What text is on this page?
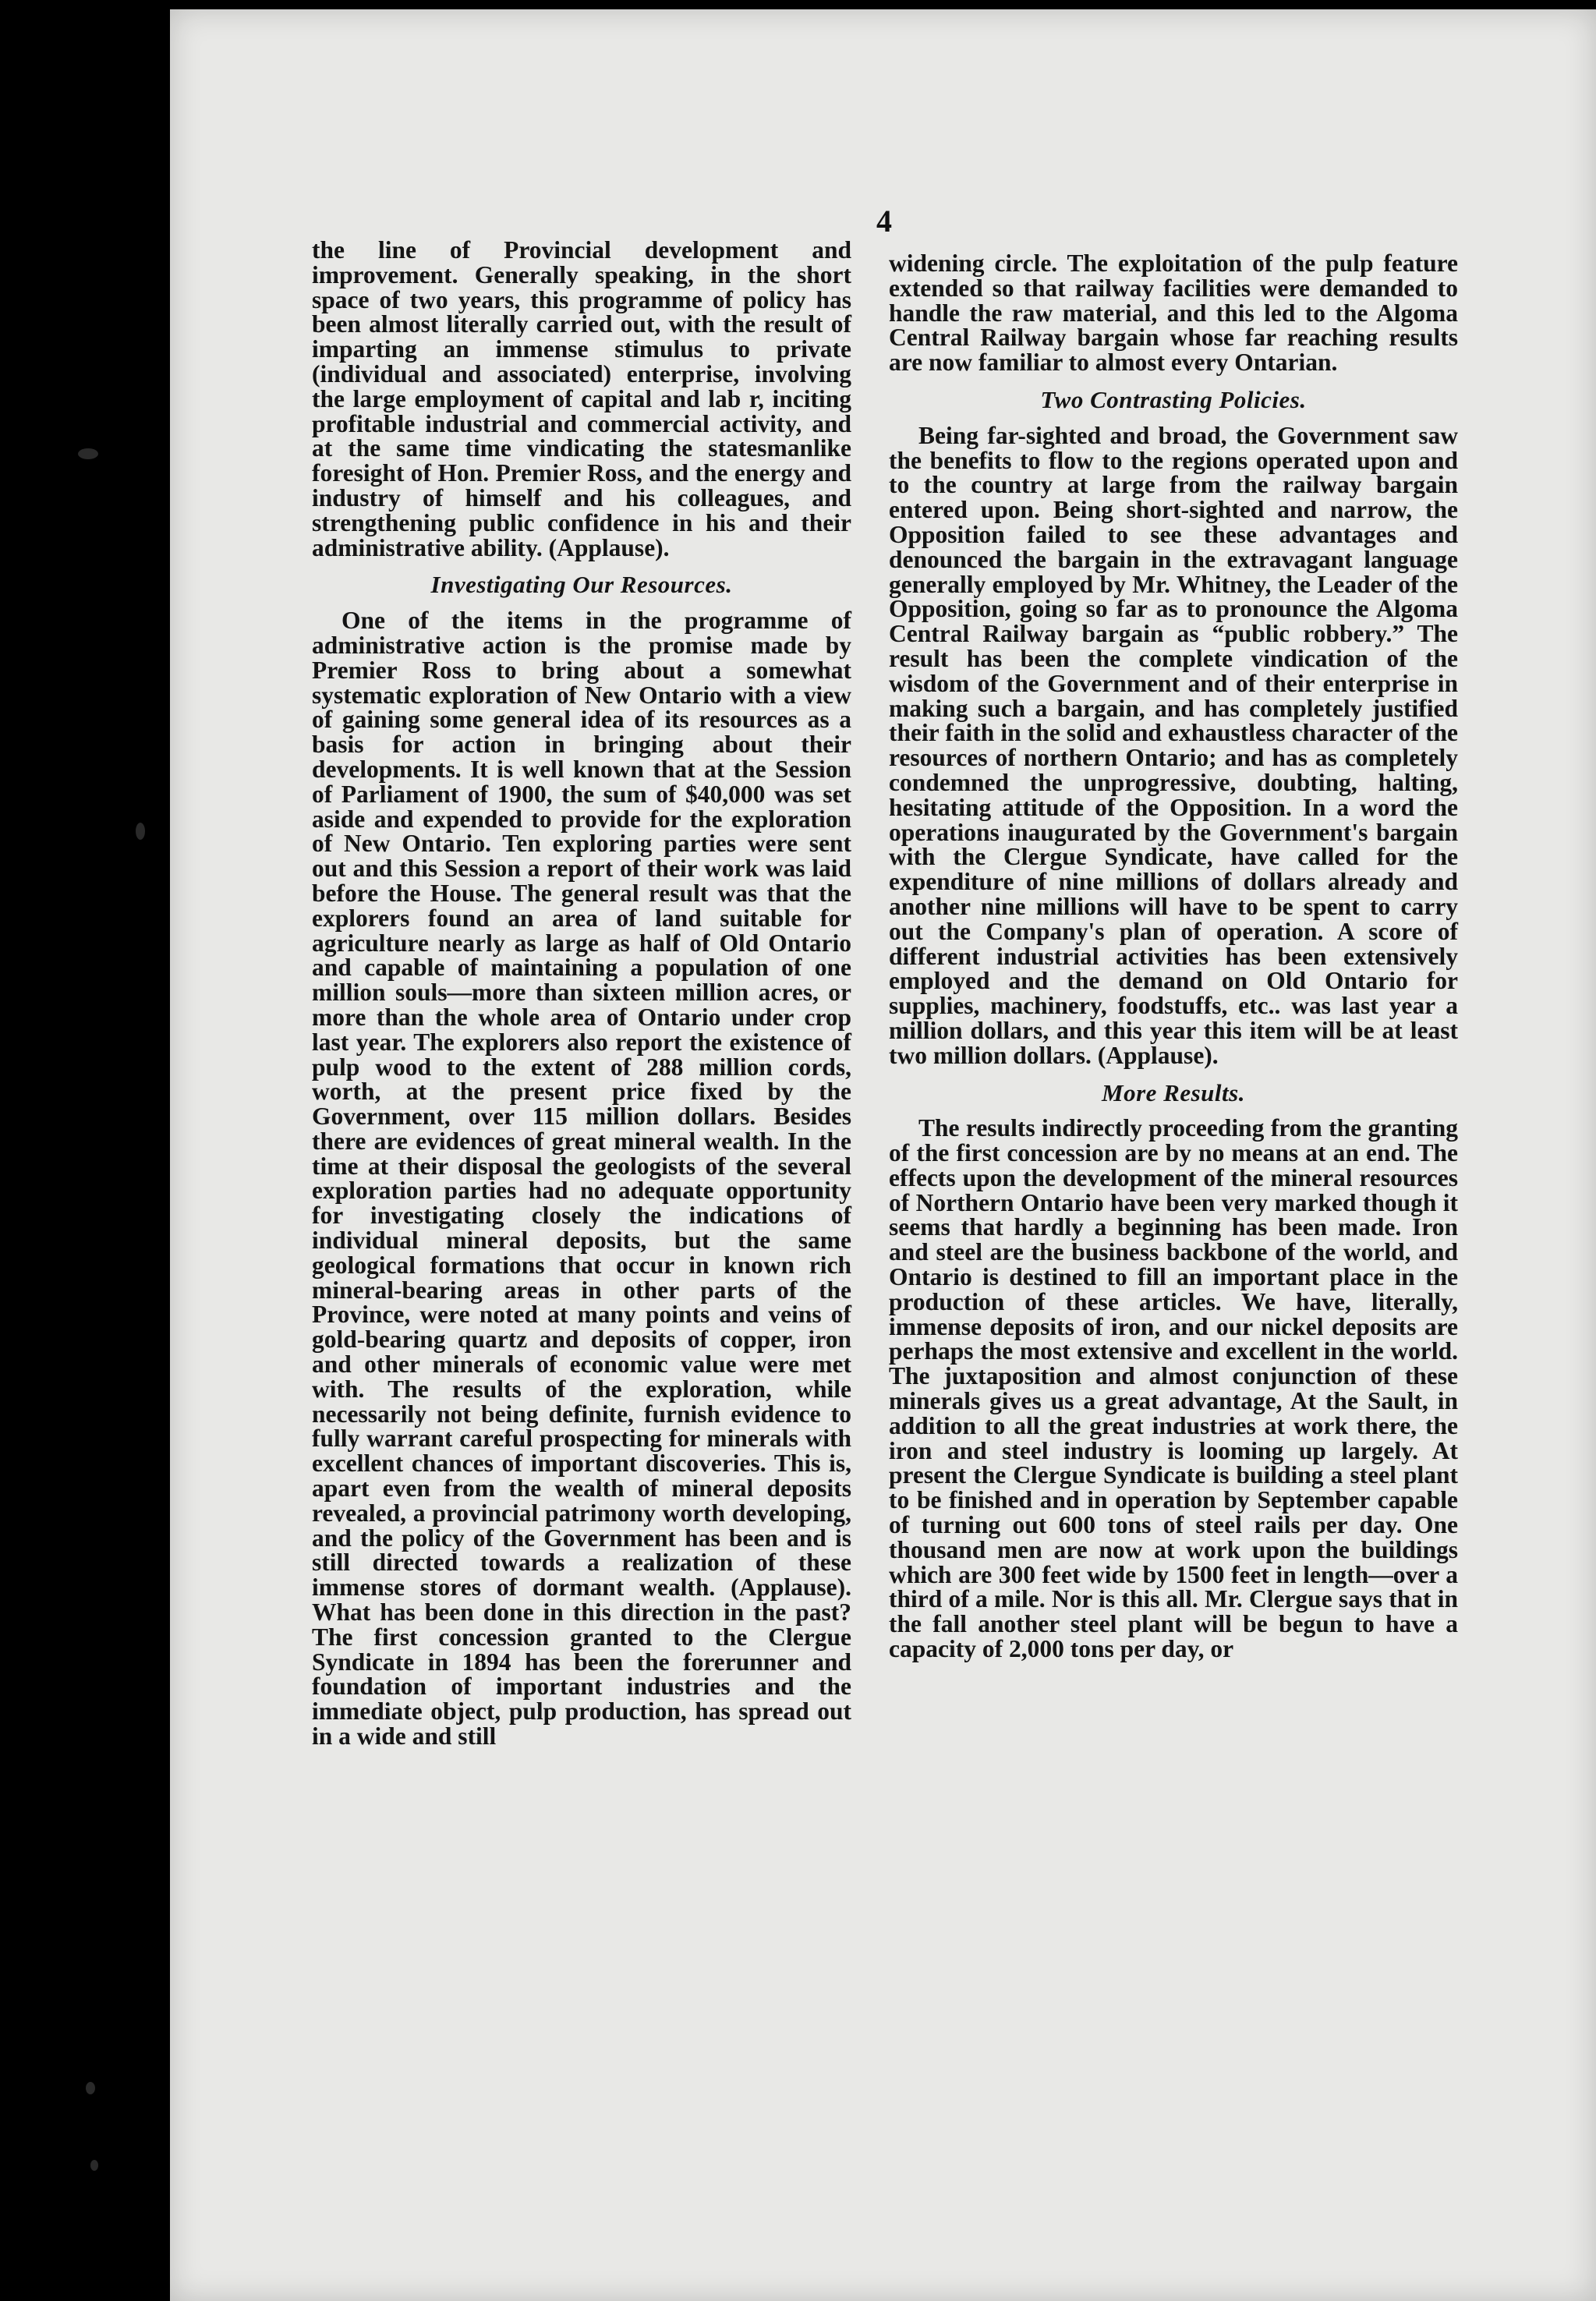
4

the line of Provincial development and improvement. Generally speaking, in the short space of two years, this programme of policy has been almost literally carried out, with the result of imparting an immense stimulus to private (individual and associated) enterprise, involving the large employment of capital and lab r, inciting profitable industrial and commercial activity, and at the same time vindicating the statesmanlike foresight of Hon. Premier Ross, and the energy and industry of himself and his colleagues, and strengthening public confidence in his and their administrative ability. (Applause).

Investigating Our Resources.

One of the items in the programme of administrative action is the promise made by Premier Ross to bring about a somewhat systematic exploration of New Ontario with a view of gaining some general idea of its resources as a basis for action in bringing about their developments. It is well known that at the Session of Parliament of 1900, the sum of $40,000 was set aside and expended to provide for the exploration of New Ontario. Ten exploring parties were sent out and this Session a report of their work was laid before the House. The general result was that the explorers found an area of land suitable for agriculture nearly as large as half of Old Ontario and capable of maintaining a population of one million souls—more than sixteen million acres, or more than the whole area of Ontario under crop last year. The explorers also report the existence of pulp wood to the extent of 288 million cords, worth, at the present price fixed by the Government, over 115 million dollars. Besides there are evidences of great mineral wealth. In the time at their disposal the geologists of the several exploration parties had no adequate opportunity for investigating closely the indications of individual mineral deposits, but the same geological formations that occur in known rich mineral-bearing areas in other parts of the Province, were noted at many points and veins of gold-bearing quartz and deposits of copper, iron and other minerals of economic value were met with. The results of the exploration, while necessarily not being definite, furnish evidence to fully warrant careful prospecting for minerals with excellent chances of important discoveries. This is, apart even from the wealth of mineral deposits revealed, a provincial patrimony worth developing, and the policy of the Government has been and is still directed towards a realization of these immense stores of dormant wealth. (Applause). What has been done in this direction in the past? The first concession granted to the Clergue Syndicate in 1894 has been the forerunner and foundation of important industries and the immediate object, pulp production, has spread out in a wide and still

widening circle. The exploitation of the pulp feature extended so that railway facilities were demanded to handle the raw material, and this led to the Algoma Central Railway bargain whose far reaching results are now familiar to almost every Ontarian.

Two Contrasting Policies.

Being far-sighted and broad, the Government saw the benefits to flow to the regions operated upon and to the country at large from the railway bargain entered upon. Being short-sighted and narrow, the Opposition failed to see these advantages and denounced the bargain in the extravagant language generally employed by Mr. Whitney, the Leader of the Opposition, going so far as to pronounce the Algoma Central Railway bargain as “public robbery.” The result has been the complete vindication of the wisdom of the Government and of their enterprise in making such a bargain, and has completely justified their faith in the solid and exhaustless character of the resources of northern Ontario; and has as completely condemned the unprogressive, doubting, halting, hesitating attitude of the Opposition. In a word the operations inaugurated by the Government's bargain with the Clergue Syndicate, have called for the expenditure of nine millions of dollars already and another nine millions will have to be spent to carry out the Company's plan of operation. A score of different industrial activities has been extensively employed and the demand on Old Ontario for supplies, machinery, foodstuffs, etc.. was last year a million dollars, and this year this item will be at least two million dollars. (Applause).

More Results.

The results indirectly proceeding from the granting of the first concession are by no means at an end. The effects upon the development of the mineral resources of Northern Ontario have been very marked though it seems that hardly a beginning has been made. Iron and steel are the business backbone of the world, and Ontario is destined to fill an important place in the production of these articles. We have, literally, immense deposits of iron, and our nickel deposits are perhaps the most extensive and excellent in the world. The juxtaposition and almost conjunction of these minerals gives us a great advantage, At the Sault, in addition to all the great industries at work there, the iron and steel industry is looming up largely. At present the Clergue Syndicate is building a steel plant to be finished and in operation by September capable of turning out 600 tons of steel rails per day. One thousand men are now at work upon the buildings which are 300 feet wide by 1500 feet in length—over a third of a mile. Nor is this all. Mr. Clergue says that in the fall another steel plant will be begun to have a capacity of 2,000 tons per day, or
